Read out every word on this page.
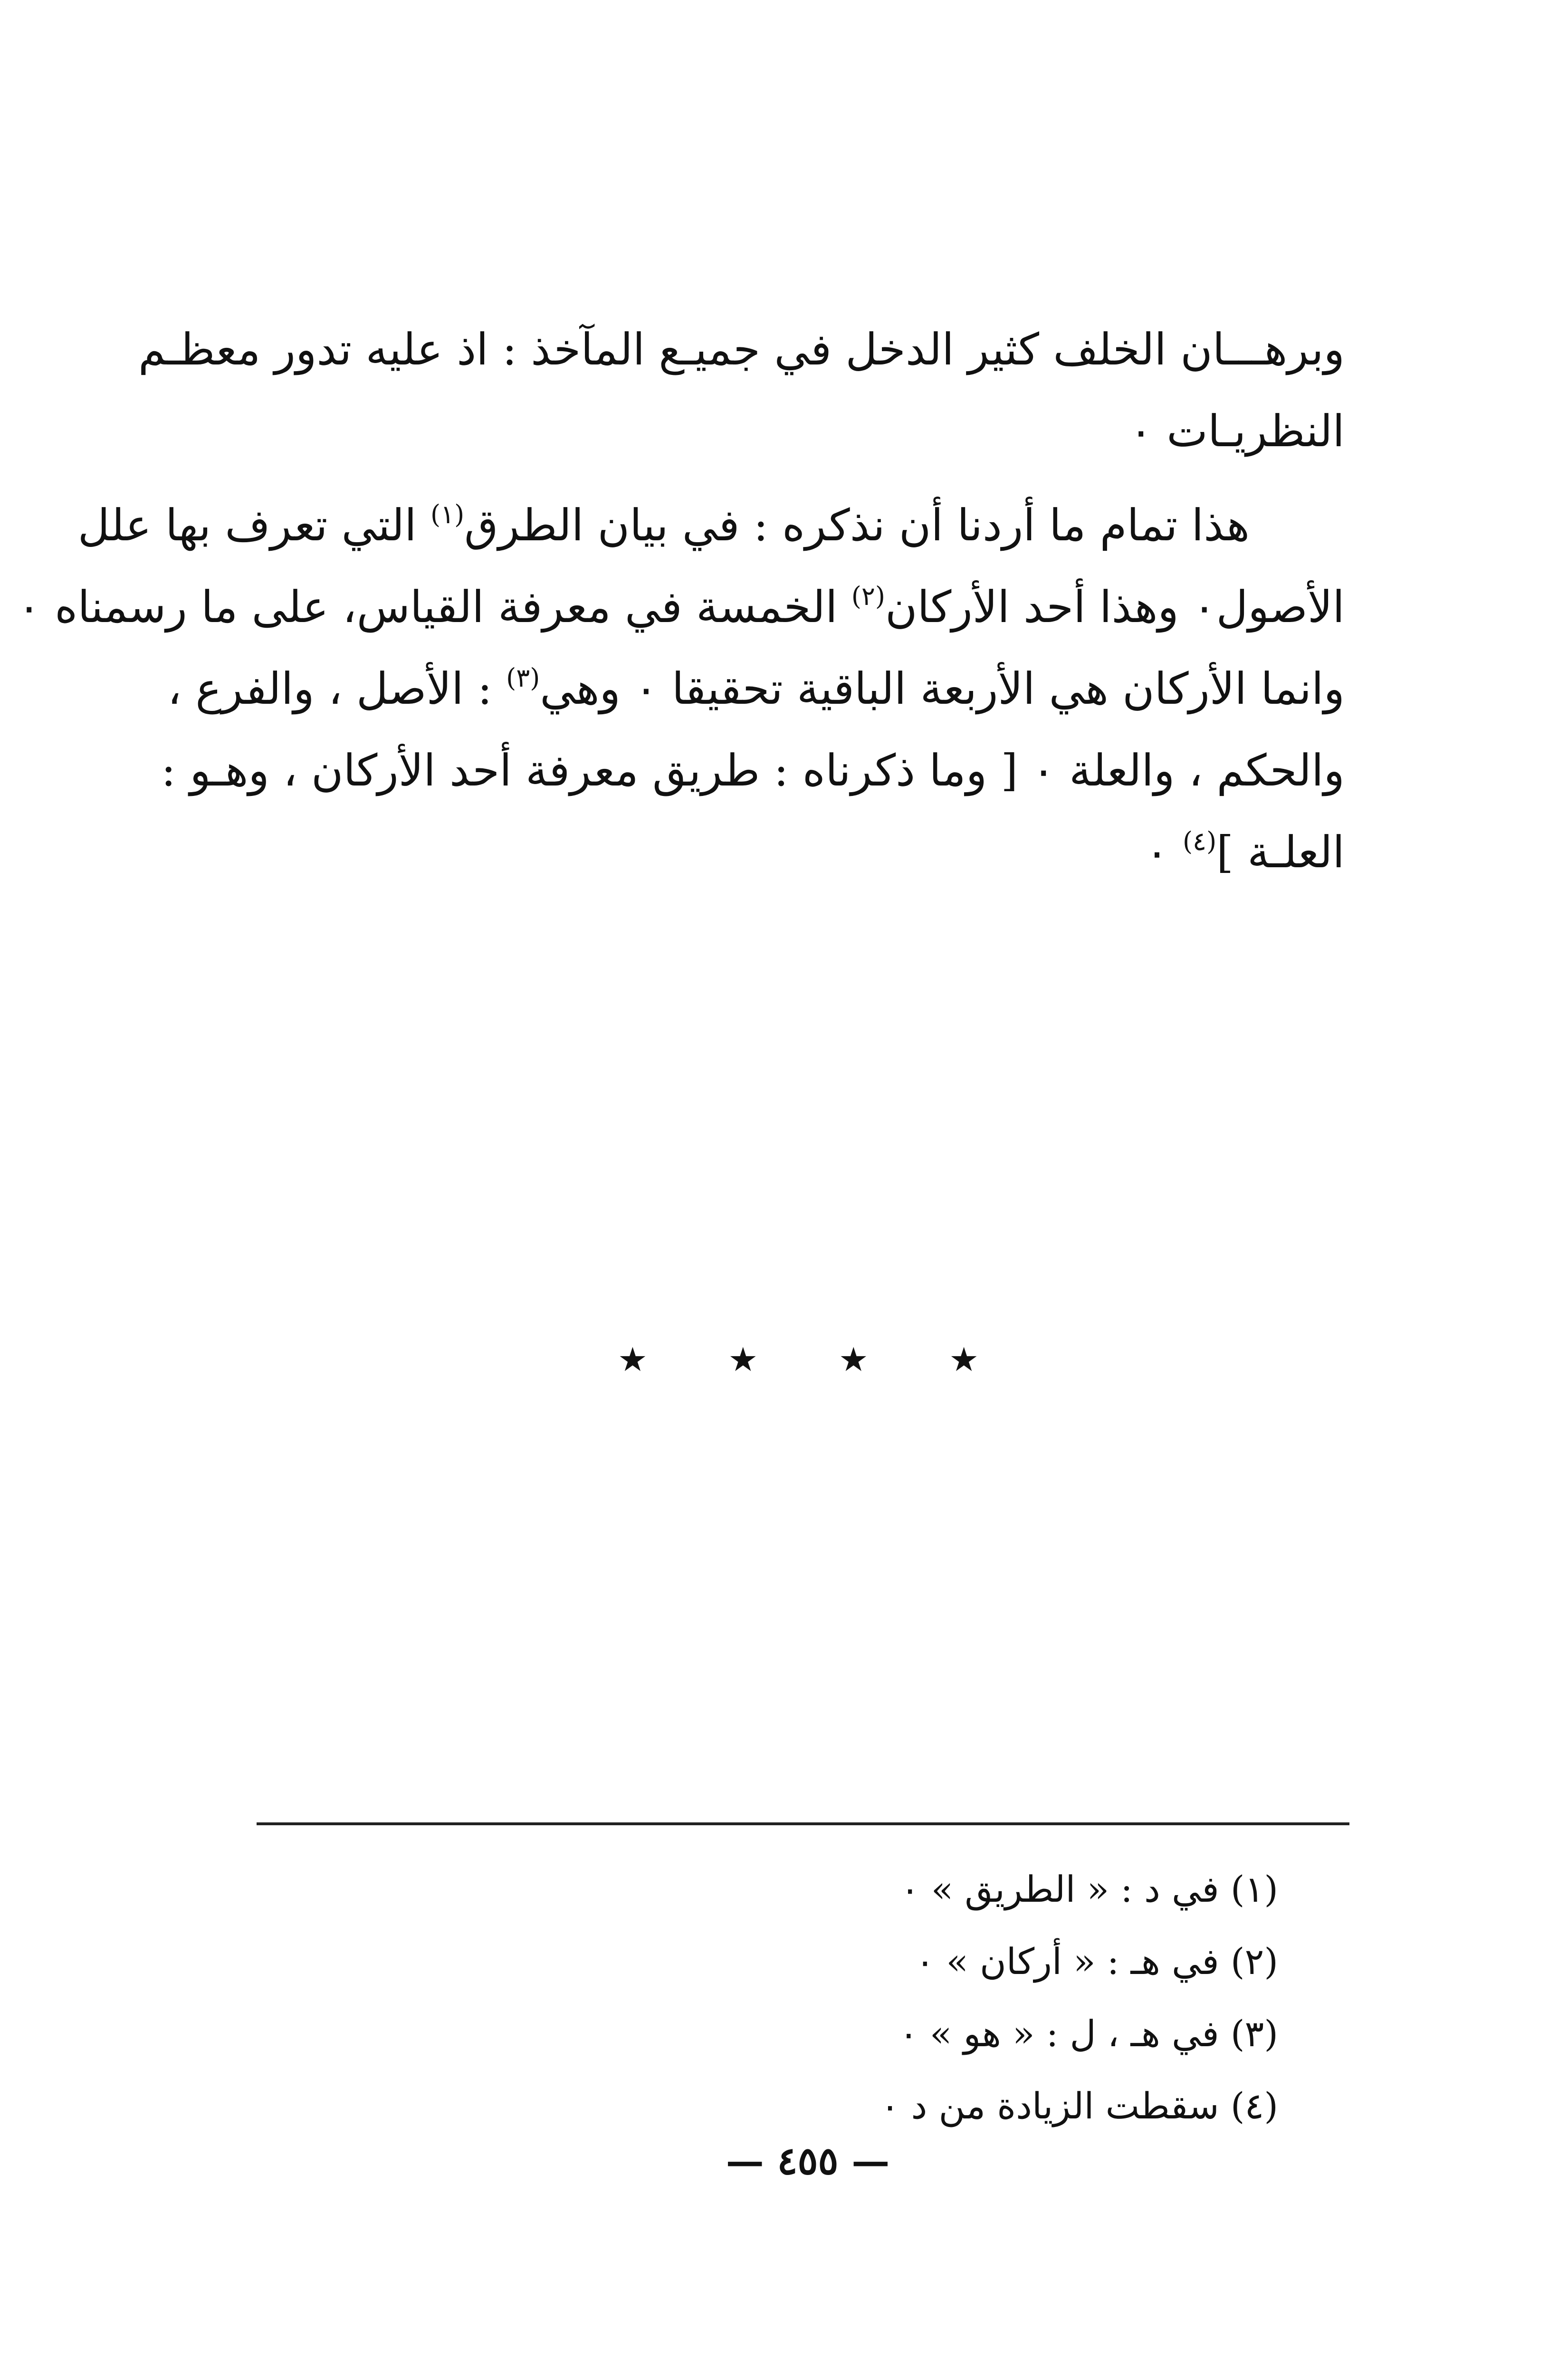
وبرهـــان الخلف كثير الدخل في جميـع المآخذ : اذ عليه تدور معظـم
النظريـات ٠
هذا تمام ما أردنا أن نذكره : في بيان الطرق$^{(١)}$ التي تعرف بها علل
الأصول٠ وهذا أحد الأركان$^{(٢)}$ الخمسة في معرفة القياس، على ما رسمناه ٠
وانما الأركان هي الأربعة الباقية تحقيقا ٠ وهي$^{(٣)}$ : الأصل ، والفرع ،
والحكم ، والعلة ٠ [ وما ذكرناه : طريق معرفة أحد الأركان ، وهـو :
العلـة ]$^{(٤)}$ ٠
★ ★ ★ ★
(١) في د : « الطريق » ٠
(٢) في هـ : « أركان » ٠
(٣) في هـ ، ل : « هو » ٠
(٤) سقطت الزيادة من د ٠
— ٤٥٥ —
